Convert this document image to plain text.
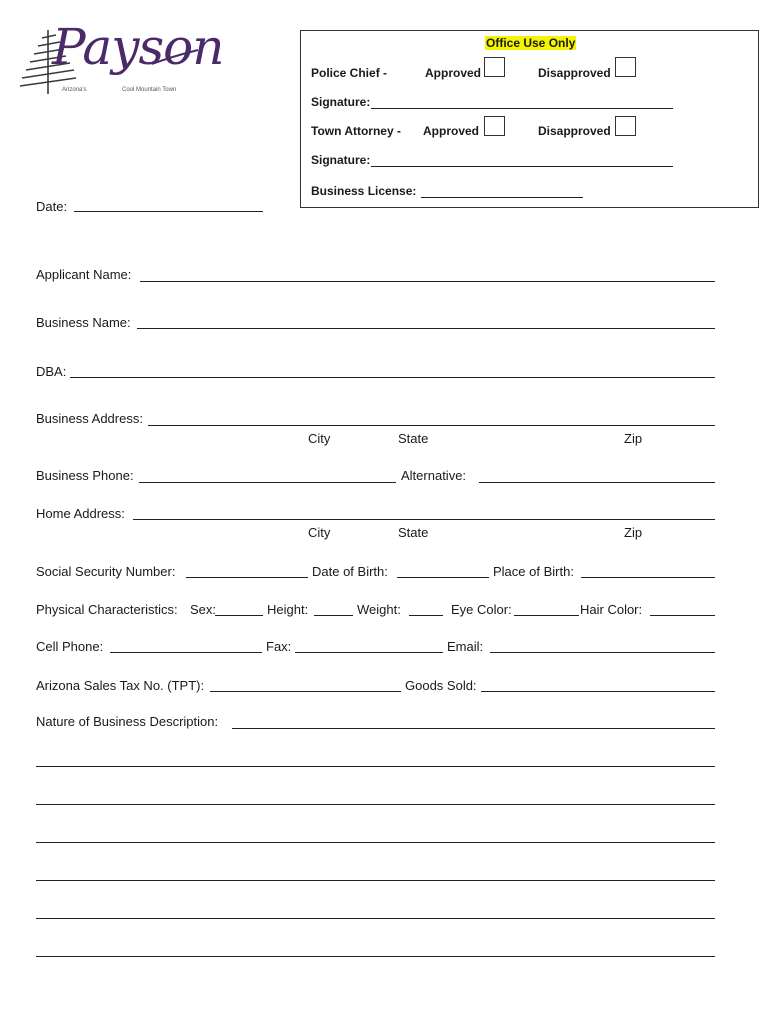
Payson
Arizona's	Cool Mountain Town
Office Use Only
Police Chief -	Approved	Disapproved
Signature:
Town Attorney - Approved	Disapproved
Signature:
Business License:
Date:
Applicant Name:
Business Name:
DBA:
Business Address:
City	State	Zip
Business Phone:	Alternative:
Home Address:
City	State	Zip
Social Security Number:	Date of Birth:	Place of Birth:
Physical Characteristics: Sex:	Height:	Weight:	Eye Color:	Hair Color:
Cell Phone:	Fax:	Email:
Arizona Sales Tax No. (TPT):	Goods Sold:
Nature of Business Description:
